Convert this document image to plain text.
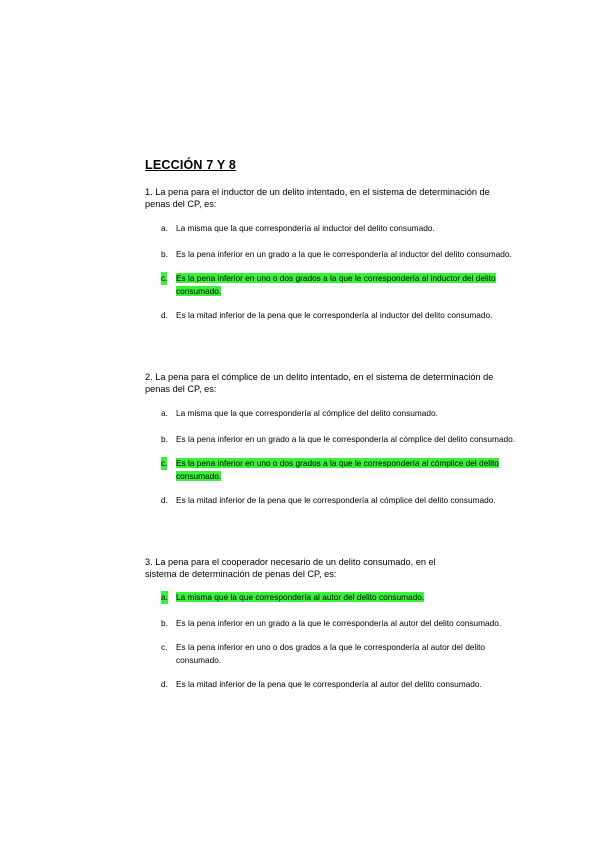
LECCIÓN 7 Y 8

1. La pena para el inductor de un delito intentado, en el sistema de determinación de penas del CP, es:

a. La misma que la que correspondería al inductor del delito consumado.
b. Es la pena inferior en un grado a la que le correspondería al inductor del delito consumado.
c. Es la pena inferior en uno o dos grados a la que le correspondería al inductor del delito consumado.
d. Es la mitad inferior de la pena que le correspondería al inductor del delito consumado.

2. La pena para el cómplice de un delito intentado, en el sistema de determinación de penas del CP, es:

a. La misma que la que correspondería al cómplice del delito consumado.
b. Es la pena inferior en un grado a la que le correspondería al cómplice del delito consumado.
c. Es la pena inferior en uno o dos grados a la que le correspondería al cómplice del delito consumado.
d. Es la mitad inferior de la pena que le correspondería al cómplice del delito consumado.

3. La pena para el cooperador necesario de un delito consumado, en el sistema de determinación de penas del CP, es:

a. La misma que la que correspondería al autor del delito consumado.
b. Es la pena inferior en un grado a la que le correspondería al autor del delito consumado.
c. Es la pena inferior en uno o dos grados a la que le correspondería al autor del delito consumado.
d. Es la mitad inferior de la pena que le correspondería al autor del delito consumado.
